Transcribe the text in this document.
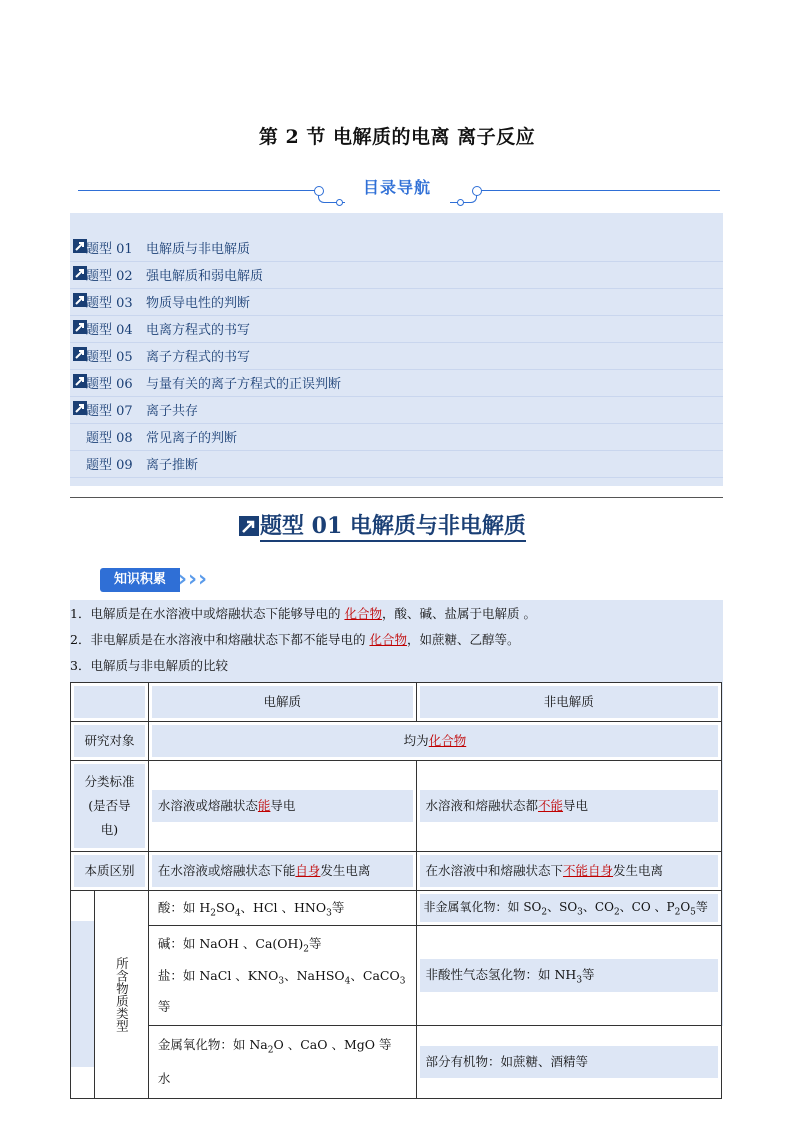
第 2 节 电解质的电离 离子反应
目录导航
题型 01 电解质与非电解质
题型 02 强电解质和弱电解质
题型 03 物质导电性的判断
题型 04 电离方程式的书写
题型 05 离子方程式的书写
题型 06 与量有关的离子方程式的正误判断
题型 07 离子共存
题型 08 常见离子的判断
题型 09 离子推断
题型 01 电解质与非电解质
知识积累 › › ›
1．电解质是在水溶液中或熔融状态下能够导电的 化合物，酸、碱、盐属于电解质 。
2．非电解质是在水溶液中和熔融状态下都不能导电的 化合物，如蔗糖、乙醇等。
3．电解质与非电解质的比较

		电解质	非电解质

研究对象		均为化合物	

分类标准
(是否导电)		水溶液或熔融状态能导电	水溶液和熔融状态都不能导电

本质区别		在水溶液或熔融状态下能自身发生电离	在水溶液中和熔融状态下不能自身发生电离

	所含物质类型	酸：如 $H_2SO_4$、HCl 、$HNO_3$等	非金属氧化物：如 $SO_2$、$SO_3$、$CO_2$、CO 、$P_2O_5$等

		碱：如 NaOH 、$Ca(OH)_2$等
盐：如 NaCl 、$KNO_3$、NaHSO$_4$、CaCO$_3$等	非酸性气态氢化物：如 $NH_3$等

		金属氧化物：如 $Na_2O$ 、CaO 、MgO 等
水	部分有机物：如蔗糖、酒精等
